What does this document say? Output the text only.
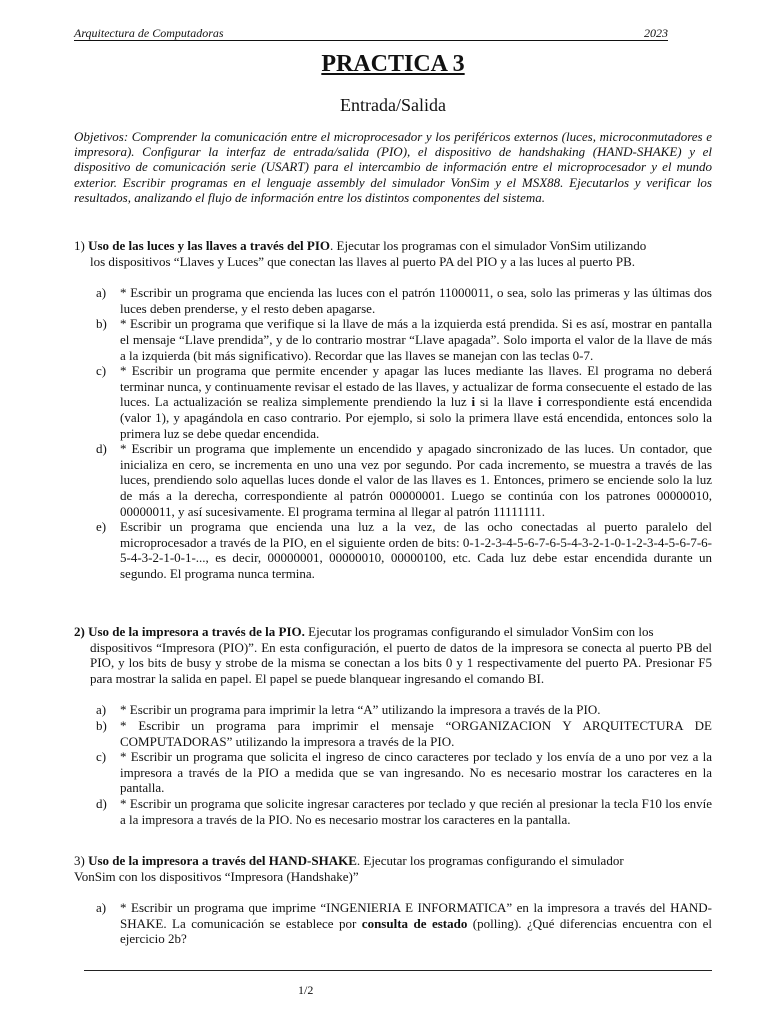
Arquitectura de Computadoras	2023
PRACTICA 3
Entrada/Salida
Objetivos: Comprender la comunicación entre el microprocesador y los periféricos externos (luces, microconmutadores e impresora). Configurar la interfaz de entrada/salida (PIO), el dispositivo de handshaking (HAND-SHAKE) y el dispositivo de comunicación serie (USART) para el intercambio de información entre el microprocesador y el mundo exterior. Escribir programas en el lenguaje assembly del simulador VonSim y el MSX88. Ejecutarlos y verificar los resultados, analizando el flujo de información entre los distintos componentes del sistema.

1) Uso de las luces y las llaves a través del PIO. Ejecutar los programas con el simulador VonSim utilizando

los dispositivos “Llaves y Luces” que conectan las llaves al puerto PA del PIO y a las luces al puerto PB.

a) * Escribir un programa que encienda las luces con el patrón 11000011, o sea, solo las primeras y las últimas dos luces deben prenderse, y el resto deben apagarse.
b) * Escribir un programa que verifique si la llave de más a la izquierda está prendida. Si es así, mostrar en pantalla el mensaje “Llave prendida”, y de lo contrario mostrar “Llave apagada”. Solo importa el valor de la llave de más a la izquierda (bit más significativo). Recordar que las llaves se manejan con las teclas 0-7.
c) * Escribir un programa que permite encender y apagar las luces mediante las llaves. El programa no deberá terminar nunca, y continuamente revisar el estado de las llaves, y actualizar de forma consecuente el estado de las luces. La actualización se realiza simplemente prendiendo la luz i si la llave i correspondiente está encendida (valor 1), y apagándola en caso contrario. Por ejemplo, si solo la primera llave está encendida, entonces solo la primera luz se debe quedar encendida.
d) * Escribir un programa que implemente un encendido y apagado sincronizado de las luces. Un contador, que inicializa en cero, se incrementa en uno una vez por segundo. Por cada incremento, se muestra a través de las luces, prendiendo solo aquellas luces donde el valor de las llaves es 1. Entonces, primero se enciende solo la luz de más a la derecha, correspondiente al patrón 00000001. Luego se continúa con los patrones 00000010, 00000011, y así sucesivamente. El programa termina al llegar al patrón 11111111.
e) Escribir un programa que encienda una luz a la vez, de las ocho conectadas al puerto paralelo del microprocesador a través de la PIO, en el siguiente orden de bits: 0-1-2-3-4-5-6-7-6-5-4-3-2-1-0-1-2-3-4-5-6-7-6-5-4-3-2-1-0-1-..., es decir, 00000001, 00000010, 00000100, etc. Cada luz debe estar encendida durante un segundo. El programa nunca termina.

2) Uso de la impresora a través de la PIO. Ejecutar los programas configurando el simulador VonSim con los

dispositivos “Impresora (PIO)”. En esta configuración, el puerto de datos de la impresora se conecta al puerto PB del PIO, y los bits de busy y strobe de la misma se conectan a los bits 0 y 1 respectivamente del puerto PA. Presionar F5 para mostrar la salida en papel. El papel se puede blanquear ingresando el comando BI.

a) * Escribir un programa para imprimir la letra “A” utilizando la impresora a través de la PIO.
b) * Escribir un programa para imprimir el mensaje “ORGANIZACION Y ARQUITECTURA DE COMPUTADORAS” utilizando la impresora a través de la PIO.
c) * Escribir un programa que solicita el ingreso de cinco caracteres por teclado y los envía de a uno por vez a la impresora a través de la PIO a medida que se van ingresando. No es necesario mostrar los caracteres en la pantalla.
d) * Escribir un programa que solicite ingresar caracteres por teclado y que recién al presionar la tecla F10 los envíe a la impresora a través de la PIO. No es necesario mostrar los caracteres en la pantalla.

3) Uso de la impresora a través del HAND-SHAKE. Ejecutar los programas configurando el simulador

VonSim con los dispositivos “Impresora (Handshake)”

a) * Escribir un programa que imprime “INGENIERIA E INFORMATICA” en la impresora a través del HAND-SHAKE. La comunicación se establece por consulta de estado (polling). ¿Qué diferencias encuentra con el ejercicio 2b?
1/2
